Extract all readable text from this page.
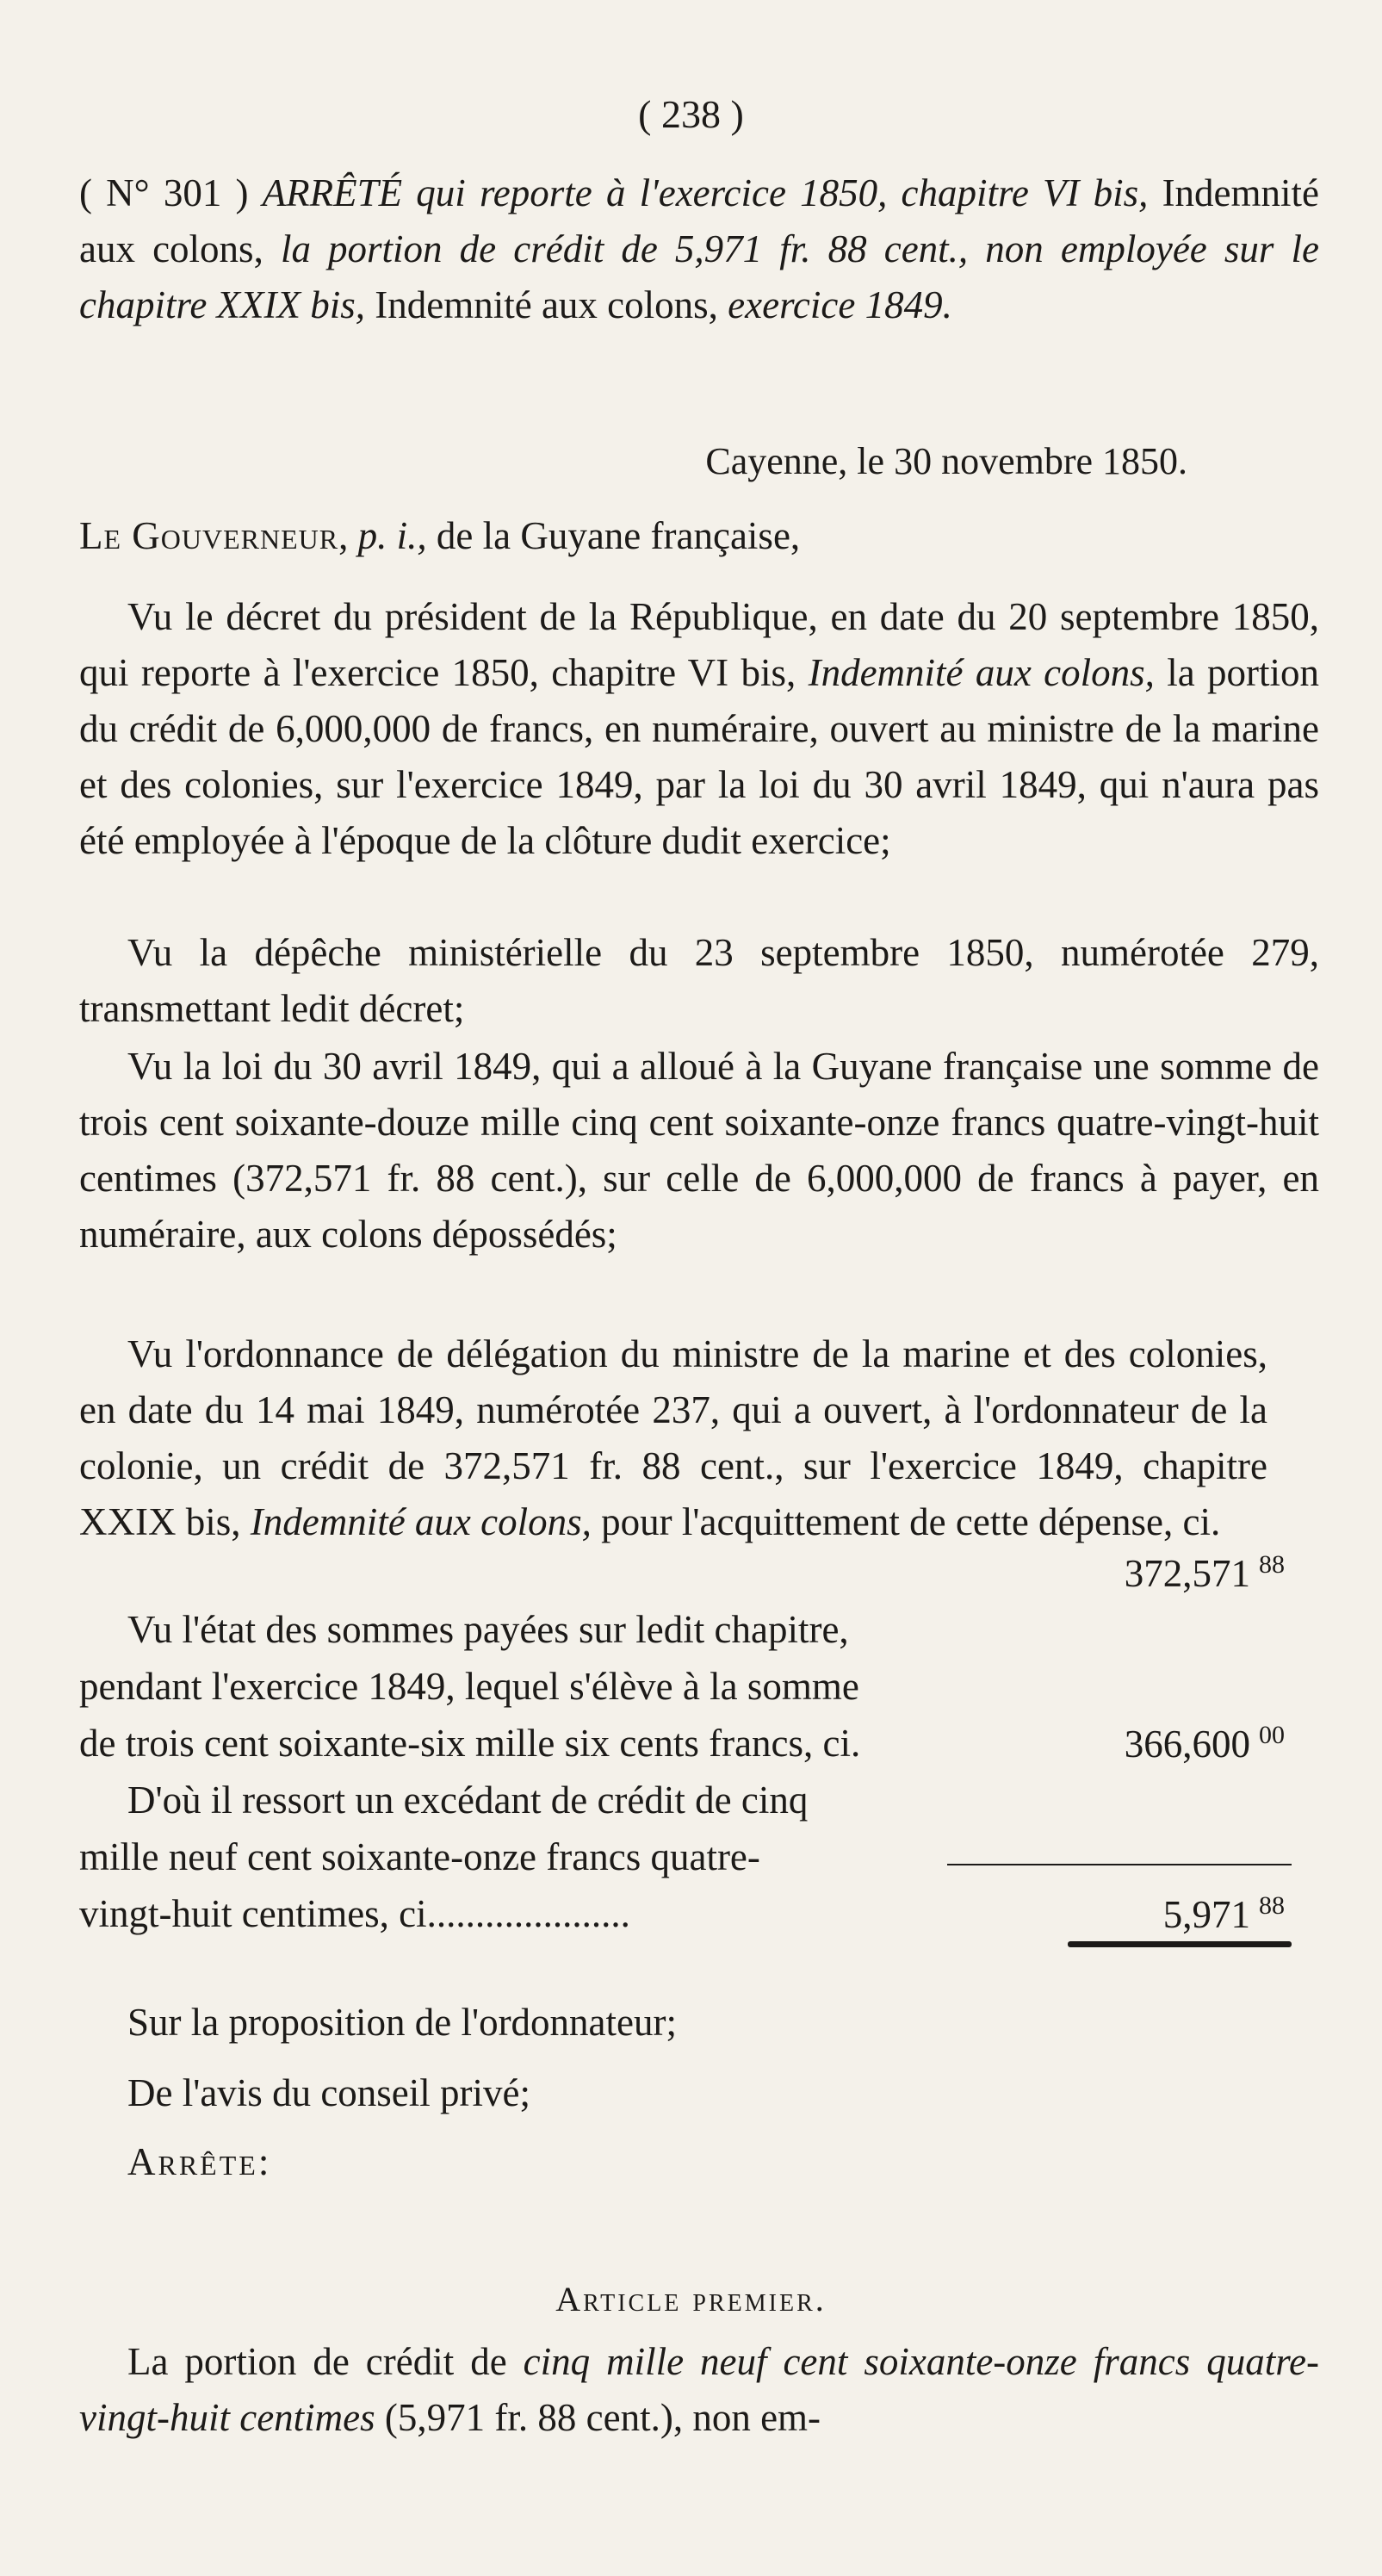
( 238 )
( N° 301 ) ARRÊTÉ qui reporte à l'exercice 1850, chapitre VI bis, Indemnité aux colons, la portion de crédit de 5,971 fr. 88 cent., non employée sur le chapitre XXIX bis, Indemnité aux colons, exercice 1849.
Cayenne, le 30 novembre 1850.
Le Gouverneur, p. i., de la Guyane française,
Vu le décret du président de la République, en date du 20 septembre 1850, qui reporte à l'exercice 1850, chapitre VI bis, Indemnité aux colons, la portion du crédit de 6,000,000 de francs, en numéraire, ouvert au ministre de la marine et des colonies, sur l'exercice 1849, par la loi du 30 avril 1849, qui n'aura pas été employée à l'époque de la clôture dudit exercice;
Vu la dépêche ministérielle du 23 septembre 1850, numérotée 279, transmettant ledit décret;
Vu la loi du 30 avril 1849, qui a alloué à la Guyane française une somme de trois cent soixante-douze mille cinq cent soixante-onze francs quatre-vingt-huit centimes (372,571 fr. 88 cent.), sur celle de 6,000,000 de francs à payer, en numéraire, aux colons dépossédés;
Vu l'ordonnance de délégation du ministre de la marine et des colonies, en date du 14 mai 1849, numérotée 237, qui a ouvert, à l'ordonnateur de la colonie, un crédit de 372,571 fr. 88 cent., sur l'exercice 1849, chapitre XXIX bis, Indemnité aux colons, pour l'acquittement de cette dépense, ci.
372,571 $^{88}$
Vu l'état des sommes payées sur ledit chapitre,
pendant l'exercice 1849, lequel s'élève à la somme
de trois cent soixante-six mille six cents francs, ci.	366,600 $^{00}$
D'où il ressort un excédant de crédit de cinq
mille neuf cent soixante-onze francs quatre-
vingt-huit centimes, ci.....................	5,971 $^{88}$
Sur la proposition de l'ordonnateur;
De l'avis du conseil privé;
Arrête:
Article premier.
La portion de crédit de cinq mille neuf cent soixante-onze francs quatre-vingt-huit centimes (5,971 fr. 88 cent.), non em-
